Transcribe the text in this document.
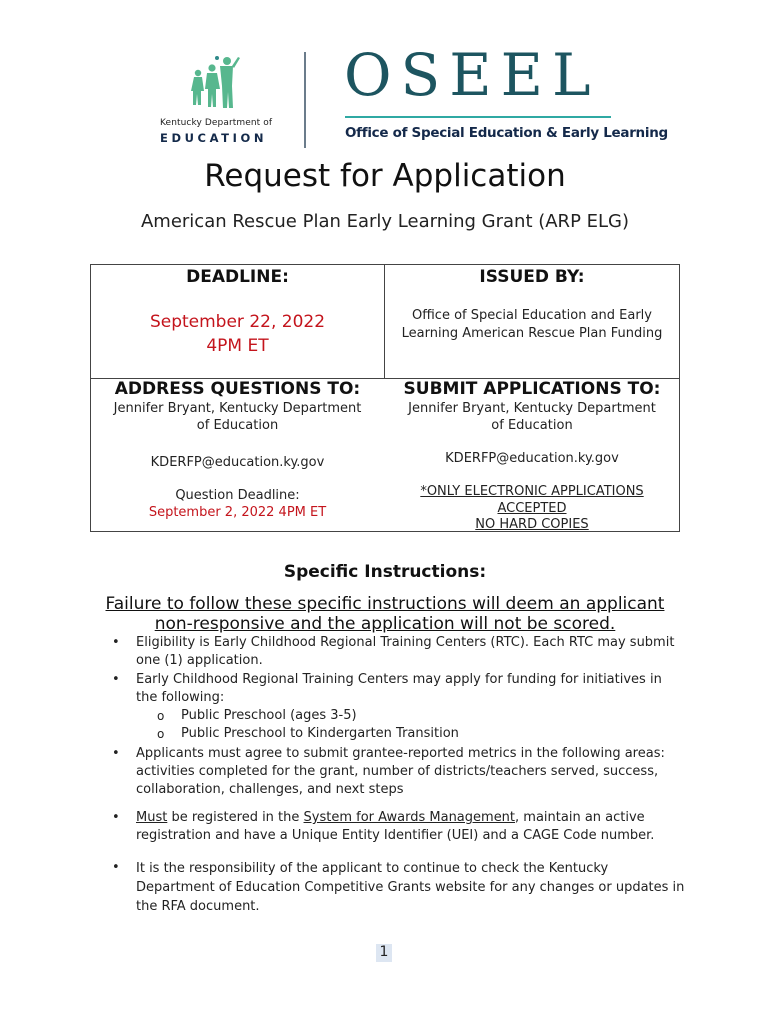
Kentucky Department of
EDUCATION
OSEEL
Office of Special Education & Early Learning
Request for Application
American Rescue Plan Early Learning Grant (ARP ELG)
DEADLINE:
September 22, 2022
4PM ET
ISSUED BY:
Office of Special Education and Early
Learning American Rescue Plan Funding
ADDRESS QUESTIONS TO:
Jennifer Bryant, Kentucky Department
of Education
KDERFP@education.ky.gov
Question Deadline:
September 2, 2022 4PM ET
SUBMIT APPLICATIONS TO:
Jennifer Bryant, Kentucky Department
of Education
KDERFP@education.ky.gov
*ONLY ELECTRONIC APPLICATIONS
ACCEPTED
NO HARD COPIES
Specific Instructions:
Failure to follow these specific instructions will deem an applicant
non-responsive and the application will not be scored.
• Eligibility is Early Childhood Regional Training Centers (RTC). Each RTC may submit one (1) application.
• Early Childhood Regional Training Centers may apply for funding for initiatives in the following:
o Public Preschool (ages 3-5)
o Public Preschool to Kindergarten Transition
• Applicants must agree to submit grantee-reported metrics in the following areas: activities completed for the grant, number of districts/teachers served, success, collaboration, challenges, and next steps
• Must be registered in the System for Awards Management, maintain an active registration and have a Unique Entity Identifier (UEI) and a CAGE Code number.
• It is the responsibility of the applicant to continue to check the Kentucky Department of Education Competitive Grants website for any changes or updates in the RFA document.
1
